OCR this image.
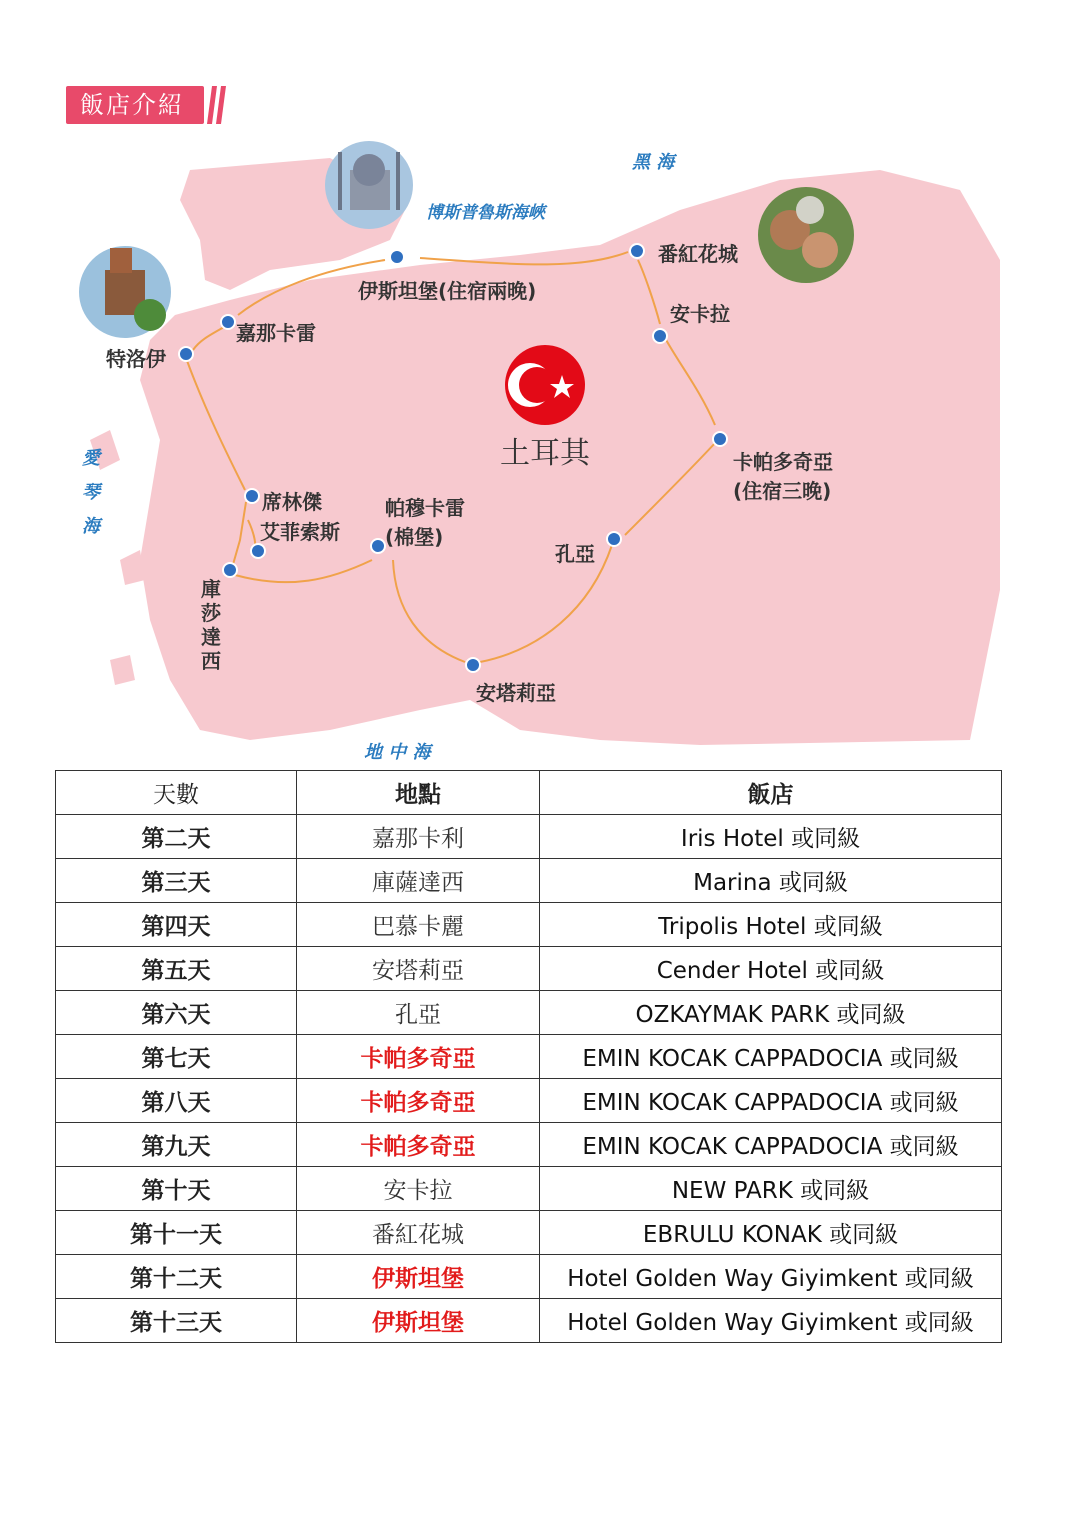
飯店介紹
黑 海
博斯普魯斯海峽
愛
琴
海
地 中 海
土耳其
伊斯坦堡(住宿兩晚)
番紅花城
安卡拉
嘉那卡雷
特洛伊
卡帕多奇亞
(住宿三晚)
席林傑
艾菲索斯
帕穆卡雷
(棉堡)
孔亞
庫
莎
達
西
安塔莉亞
天數	地點	飯店
第二天	嘉那卡利	Iris Hotel 或同級
第三天	庫薩達西	Marina 或同級
第四天	巴慕卡麗	Tripolis Hotel 或同級
第五天	安塔莉亞	Cender Hotel 或同級
第六天	孔亞	OZKAYMAK PARK 或同級
第七天	卡帕多奇亞	EMIN KOCAK CAPPADOCIA 或同級
第八天	卡帕多奇亞	EMIN KOCAK CAPPADOCIA 或同級
第九天	卡帕多奇亞	EMIN KOCAK CAPPADOCIA 或同級
第十天	安卡拉	NEW PARK 或同級
第十一天	番紅花城	EBRULU KONAK 或同級
第十二天	伊斯坦堡	Hotel Golden Way Giyimkent 或同級
第十三天	伊斯坦堡	Hotel Golden Way Giyimkent 或同級
